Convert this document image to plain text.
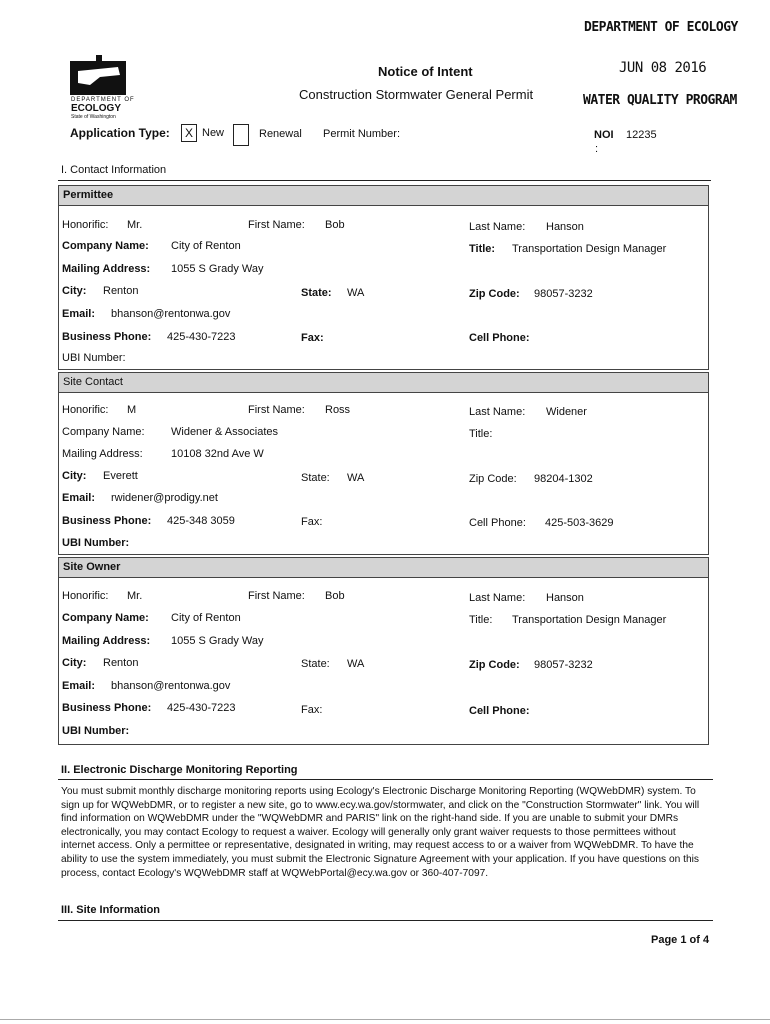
DEPARTMENT OF ECOLOGY
JUN 08 2016
WATER QUALITY PROGRAM
DEPARTMENT OF
ECOLOGY
State of Washington
Notice of Intent
Construction Stormwater General Permit
Application Type:	X New	Renewal Permit Number:	NOI 12235
:
I. Contact Information
Permittee
Honorific: Mr.	First Name: Bob	Last Name: Hanson
Company Name: City of Renton	Title: Transportation Design Manager
Mailing Address: 1055 S Grady Way
City: Renton	State: WA	Zip Code: 98057-3232
Email: bhanson@rentonwa.gov
Business Phone: 425-430-7223	Fax:	Cell Phone:
UBI Number:
Site Contact
Honorific: M	First Name: Ross	Last Name: Widener
Company Name: Widener & Associates	Title:
Mailing Address:	10108 32nd Ave W
City: Everett	State: WA	Zip Code: 98204-1302
Email: rwidener@prodigy.net
Business Phone: 425-348 3059	Fax:	Cell Phone: 425-503-3629
UBI Number:
Site Owner
Honorific: Mr.	First Name: Bob	Last Name: Hanson
Company Name: City of Renton	Title: Transportation Design Manager
Mailing Address: 1055 S Grady Way
City: Renton	State: WA	Zip Code: 98057-3232
Email: bhanson@rentonwa.gov
Business Phone: 425-430-7223	Fax:	Cell Phone:
UBI Number:
II. Electronic Discharge Monitoring Reporting
You must submit monthly discharge monitoring reports using Ecology's Electronic Discharge Monitoring Reporting (WQWebDMR) system. To sign up for WQWebDMR, or to register a new site, go to www.ecy.wa.gov/stormwater, and click on the "Construction Stormwater" link. You will find information on WQWebDMR under the "WQWebDMR and PARIS" link on the right-hand side. If you are unable to submit your DMRs electronically, you may contact Ecology to request a waiver. Ecology will generally only grant waiver requests to those permittees without internet access. Only a permittee or representative, designated in writing, may request access to or a waiver from WQWebDMR. To have the ability to use the system immediately, you must submit the Electronic Signature Agreement with your application. If you have questions on this process, contact Ecology's WQWebDMR staff at WQWebPortal@ecy.wa.gov or 360-407-7097.
III. Site Information
Page 1 of 4
